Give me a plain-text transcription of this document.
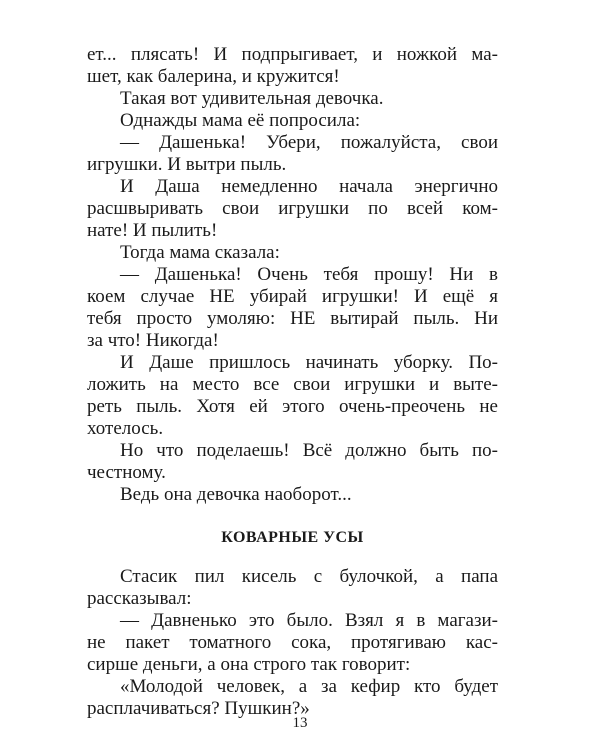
ет... плясать! И подпрыгивает, и ножкой ма-
шет, как балерина, и кружится!
Такая вот удивительная девочка.
Однажды мама её попросила:
— Дашенька! Убери, пожалуйста, свои
игрушки. И вытри пыль.
И Даша немедленно начала энергично
расшвыривать свои игрушки по всей ком-
нате! И пылить!
Тогда мама сказала:
— Дашенька! Очень тебя прошу! Ни в
коем случае НЕ убирай игрушки! И ещё я
тебя просто умоляю: НЕ вытирай пыль. Ни
за что! Никогда!
И Даше пришлось начинать уборку. По-
ложить на место все свои игрушки и выте-
реть пыль. Хотя ей этого очень-преочень не
хотелось.
Но что поделаешь! Всё должно быть по-
честному.
Ведь она девочка наоборот...
КОВАРНЫЕ УСЫ
Стасик пил кисель с булочкой, а папа
рассказывал:
— Давненько это было. Взял я в магази-
не пакет томатного сока, протягиваю кас-
сирше деньги, а она строго так говорит:
«Молодой человек, а за кефир кто будет
расплачиваться? Пушкин?»
13
